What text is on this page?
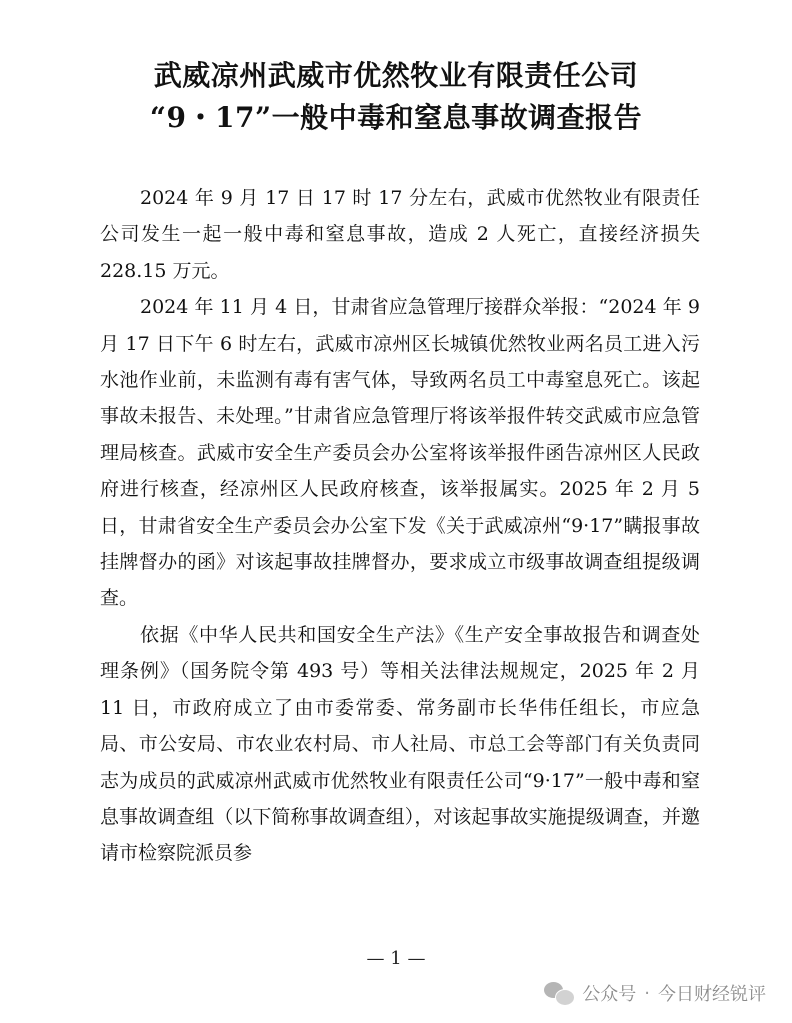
武威凉州武威市优然牧业有限责任公司
“9・17”一般中毒和窒息事故调查报告

2024 年 9 月 17 日 17 时 17 分左右，武威市优然牧业有限责任公司发生一起一般中毒和窒息事故，造成 2 人死亡，直接经济损失 228.15 万元。

2024 年 11 月 4 日，甘肃省应急管理厅接群众举报：“2024 年 9 月 17 日下午 6 时左右，武威市凉州区长城镇优然牧业两名员工进入污水池作业前，未监测有毒有害气体，导致两名员工中毒窒息死亡。该起事故未报告、未处理。”甘肃省应急管理厅将该举报件转交武威市应急管理局核查。武威市安全生产委员会办公室将该举报件函告凉州区人民政府进行核查，经凉州区人民政府核查，该举报属实。2025 年 2 月 5 日，甘肃省安全生产委员会办公室下发《关于武威凉州“9·17”瞒报事故挂牌督办的函》对该起事故挂牌督办，要求成立市级事故调查组提级调查。

依据《中华人民共和国安全生产法》《生产安全事故报告和调查处理条例》（国务院令第 493 号）等相关法律法规规定，2025 年 2 月 11 日，市政府成立了由市委常委、常务副市长华伟任组长，市应急局、市公安局、市农业农村局、市人社局、市总工会等部门有关负责同志为成员的武威凉州武威市优然牧业有限责任公司“9·17”一般中毒和窒息事故调查组（以下简称事故调查组），对该起事故实施提级调查，并邀请市检察院派员参

— 1 —
公众号 · 今日财经锐评
